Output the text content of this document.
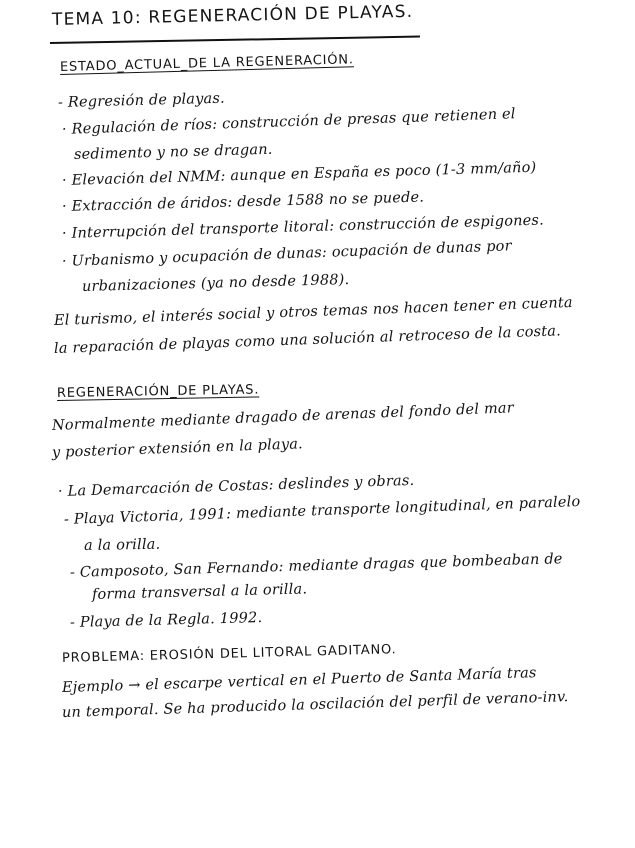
TEMA 10: REGENERACIÓN DE PLAYAS.
ESTADO_ACTUAL_DE LA REGENERACIÓN.
- Regresión de playas.
· Regulación de ríos: construcción de presas que retienen el
sedimento y no se dragan.
· Elevación del NMM: aunque en España es poco (1-3 mm/año)
· Extracción de áridos: desde 1588 no se puede.
· Interrupción del transporte litoral: construcción de espigones.
· Urbanismo y ocupación de dunas: ocupación de dunas por
urbanizaciones (ya no desde 1988).
El turismo, el interés social y otros temas nos hacen tener en cuenta
la reparación de playas como una solución al retroceso de la costa.
REGENERACIÓN_DE PLAYAS.
Normalmente mediante dragado de arenas del fondo del mar
y posterior extensión en la playa.
· La Demarcación de Costas: deslindes y obras.
- Playa Victoria, 1991: mediante transporte longitudinal, en paralelo
a la orilla.
- Camposoto, San Fernando: mediante dragas que bombeaban de
forma transversal a la orilla.
- Playa de la Regla. 1992.
PROBLEMA: EROSIÓN DEL LITORAL GADITANO.
Ejemplo → el escarpe vertical en el Puerto de Santa María tras
un temporal. Se ha producido la oscilación del perfil de verano-inv.
